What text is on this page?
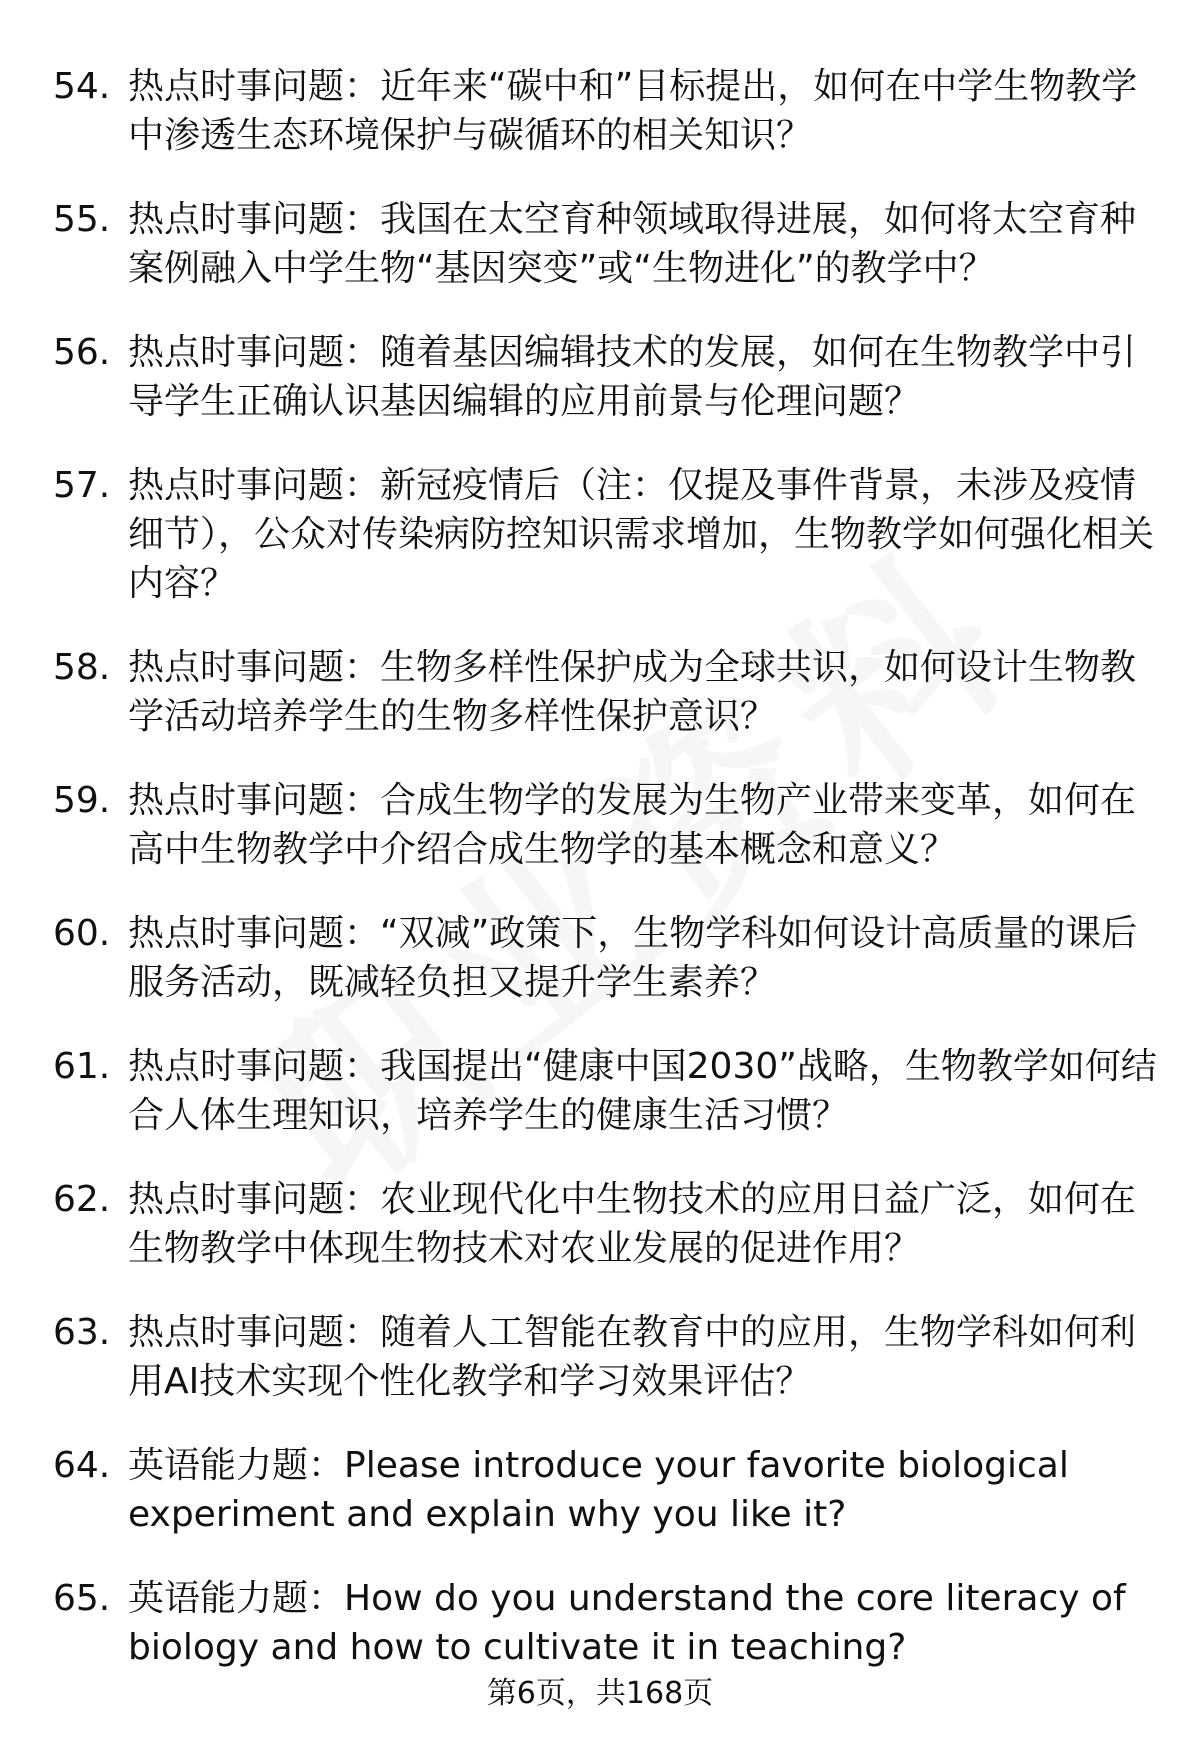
54. 热点时事问题：近年来“碳中和”目标提出，如何在中学生物教学中渗透生态环境保护与碳循环的相关知识？
55. 热点时事问题：我国在太空育种领域取得进展，如何将太空育种案例融入中学生物“基因突变”或“生物进化”的教学中？
56. 热点时事问题：随着基因编辑技术的发展，如何在生物教学中引导学生正确认识基因编辑的应用前景与伦理问题？
57. 热点时事问题：新冠疫情后（注：仅提及事件背景，未涉及疫情细节），公众对传染病防控知识需求增加，生物教学如何强化相关内容？
58. 热点时事问题：生物多样性保护成为全球共识，如何设计生物教学活动培养学生的生物多样性保护意识？
59. 热点时事问题：合成生物学的发展为生物产业带来变革，如何在高中生物教学中介绍合成生物学的基本概念和意义？
60. 热点时事问题：“双减”政策下，生物学科如何设计高质量的课后服务活动，既减轻负担又提升学生素养？
61. 热点时事问题：我国提出“健康中国2030”战略，生物教学如何结合人体生理知识，培养学生的健康生活习惯？
62. 热点时事问题：农业现代化中生物技术的应用日益广泛，如何在生物教学中体现生物技术对农业发展的促进作用？
63. 热点时事问题：随着人工智能在教育中的应用，生物学科如何利用AI技术实现个性化教学和学习效果评估？
64. 英语能力题：Please introduce your favorite biological experiment and explain why you like it?
65. 英语能力题：How do you understand the core literacy of biology and how to cultivate it in teaching?
第6页，共168页
